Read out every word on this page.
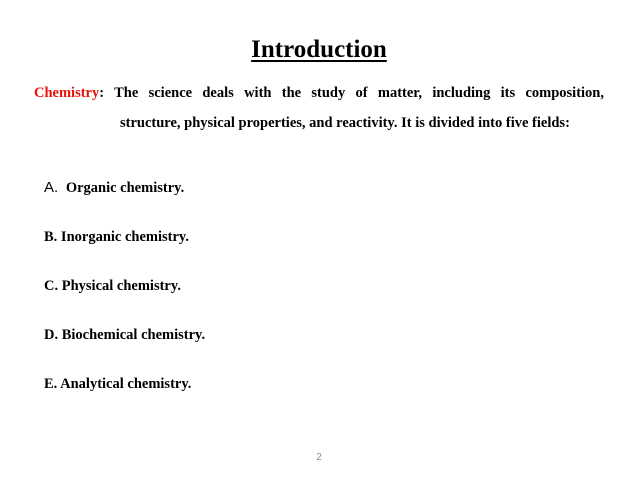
Introduction
Chemistry: The science deals with the study of matter, including its composition,
structure, physical properties, and reactivity. It is divided into five fields:
A. Organic chemistry.
B. Inorganic chemistry.
C. Physical chemistry.
D. Biochemical chemistry.
E. Analytical chemistry.
2
